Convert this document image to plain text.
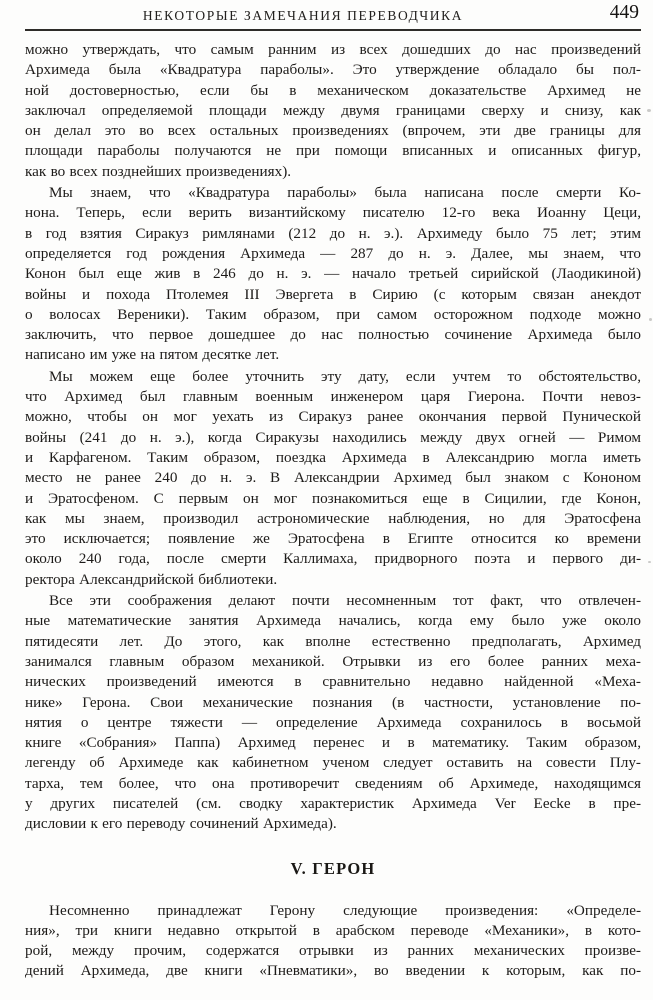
НЕКОТОРЫЕ ЗАМЕЧАНИЯ ПЕРЕВОДЧИКА	449
можно утверждать, что самым ранним из всех дошедших до нас произведений
Архимеда была «Квадратура параболы». Это утверждение обладало бы пол-
ной достоверностью, если бы в механическом доказательстве Архимед не
заключал определяемой площади между двумя границами сверху и снизу, как
он делал это во всех остальных произведениях (впрочем, эти две границы для
площади параболы получаются не при помощи вписанных и описанных фигур,
как во всех позднейших произведениях).
Мы знаем, что «Квадратура параболы» была написана после смерти Ко-
нона. Теперь, если верить византийскому писателю 12-го века Иоанну Цеци,
в год взятия Сиракуз римлянами (212 до н. э.). Архимеду было 75 лет; этим
определяется год рождения Архимеда — 287 до н. э. Далее, мы знаем, что
Конон был еще жив в 246 до н. э. — начало третьей сирийской (Лаодикиной)
войны и похода Птолемея III Эвергета в Сирию (с которым связан анекдот
о волосах Вереники). Таким образом, при самом осторожном подходе можно
заключить, что первое дошедшее до нас полностью сочинение Архимеда было
написано им уже на пятом десятке лет.
Мы можем еще более уточнить эту дату, если учтем то обстоятельство,
что Архимед был главным военным инженером царя Гиерона. Почти невоз-
можно, чтобы он мог уехать из Сиракуз ранее окончания первой Пунической
войны (241 до н. э.), когда Сиракузы находились между двух огней — Римом
и Карфагеном. Таким образом, поездка Архимеда в Александрию могла иметь
место не ранее 240 до н. э. В Александрии Архимед был знаком с Кононом
и Эратосфеном. С первым он мог познакомиться еще в Сицилии, где Конон,
как мы знаем, производил астрономические наблюдения, но для Эратосфена
это исключается; появление же Эратосфена в Египте относится ко времени
около 240 года, после смерти Каллимаха, придворного поэта и первого ди-
ректора Александрийской библиотеки.
Все эти соображения делают почти несомненным тот факт, что отвлечен-
ные математические занятия Архимеда начались, когда ему было уже около
пятидесяти лет. До этого, как вполне естественно предполагать, Архимед
занимался главным образом механикой. Отрывки из его более ранних меха-
нических произведений имеются в сравнительно недавно найденной «Меха-
нике» Герона. Свои механические познания (в частности, установление по-
нятия о центре тяжести — определение Архимеда сохранилось в восьмой
книге «Собрания» Паппа) Архимед перенес и в математику. Таким образом,
легенду об Архимеде как кабинетном ученом следует оставить на совести Плу-
тарха, тем более, что она противоречит сведениям об Архимеде, находящимся
у других писателей (см. сводку характеристик Архимеда Ver Eecke в пре-
дисловии к его переводу сочинений Архимеда).
V. ГЕРОН
Несомненно принадлежат Герону следующие произведения: «Определе-
ния», три книги недавно открытой в арабском переводе «Механики», в кото-
рой, между прочим, содержатся отрывки из ранних механических произве-
дений Архимеда, две книги «Пневматики», во введении к которым, как по-
